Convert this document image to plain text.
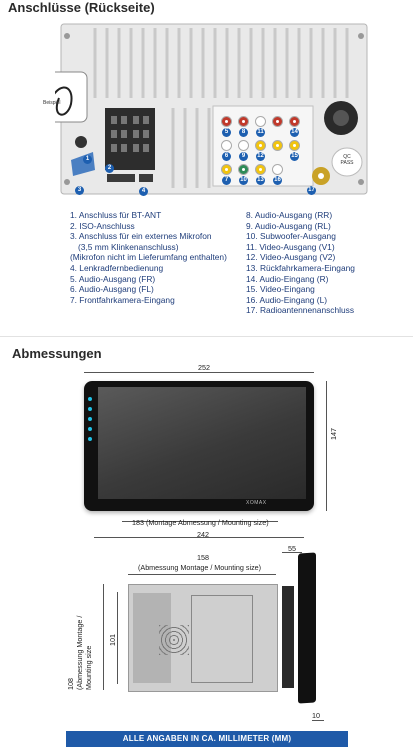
Anschlüsse (Rückseite)
Beispiel
QC
PASS
1
2
3	4
5
6
7
8
9
10
11
12
13
14
15
16
17
1. Anschluss für BT-ANT
2. ISO-Anschluss
3. Anschluss für ein externes Mikrofon
(3,5 mm Klinkenanschluss)
(Mikrofon nicht im Lieferumfang enthalten)
4. Lenkradfernbedienung
5. Audio-Ausgang (FR)
6. Audio-Ausgang (FL)
7. Frontfahrkamera-Eingang
8. Audio-Ausgang (RR)
9. Audio-Ausgang (RL)
10. Subwoofer-Ausgang
11. Video-Ausgang (V1)
12. Video-Ausgang (V2)
13. Rückfahrkamera-Eingang
14. Audio-Eingang (R)
15. Video-Eingang
16. Audio-Eingang (L)
17. Radioantennenanschluss
Abmessungen
XOMAX
252
147
183 (Montage Abmessung / Mounting size)
242
158
(Abmessung Montage / Mounting size)
55
108 (Abmessung Montage / Mounting size
101
10
ALLE ANGABEN IN CA. MILLIMETER (MM)
